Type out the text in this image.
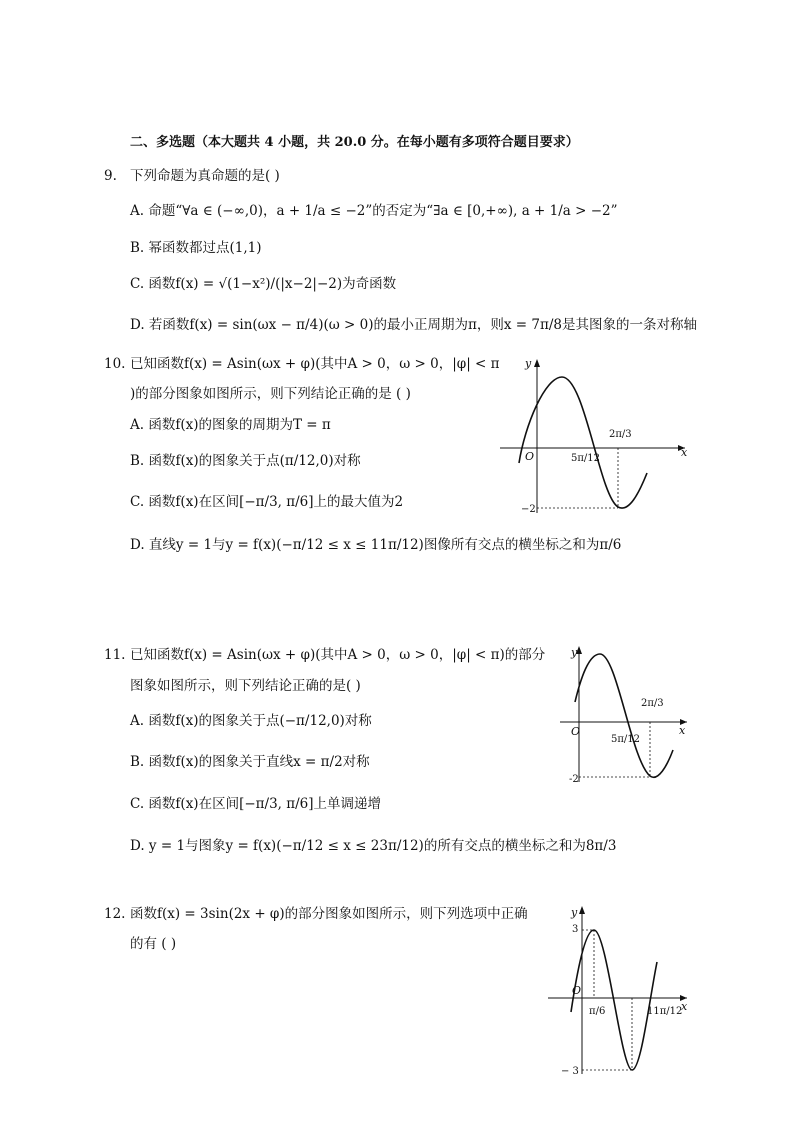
二、多选题（本大题共 4 小题，共 20.0 分。在每小题有多项符合题目要求）
9. 下列命题为真命题的是( )
A. 命题“∀a ∈ (−∞,0)，a + 1/a ≤ −2”的否定为“∃a ∈ [0,+∞), a + 1/a > −2”
B. 幂函数都过点(1,1)
C. 函数f(x) = √(1−x²)/(|x−2|−2)为奇函数
D. 若函数f(x) = sin(ωx − π/4)(ω > 0)的最小正周期为π，则x = 7π/8是其图象的一条对称轴
10. 已知函数f(x) = Asin(ωx + φ)(其中A > 0，ω > 0，|φ| < π
)的部分图象如图所示，则下列结论正确的是 ( )
A. 函数f(x)的图象的周期为T = π
B. 函数f(x)的图象关于点(π/12,0)对称
C. 函数f(x)在区间[−π/3, π/6]上的最大值为2
D. 直线y = 1与y = f(x)(−π/12 ≤ x ≤ 11π/12)图像所有交点的横坐标之和为π/6
y
x
O	5π/12
2π/3
−2
11. 已知函数f(x) = Asin(ωx + φ)(其中A > 0，ω > 0，|φ| < π)的部分
图象如图所示，则下列结论正确的是( )
A. 函数f(x)的图象关于点(−π/12,0)对称
B. 函数f(x)的图象关于直线x = π/2对称
C. 函数f(x)在区间[−π/3, π/6]上单调递增
D. y = 1与图象y = f(x)(−π/12 ≤ x ≤ 23π/12)的所有交点的横坐标之和为8π/3
y
x
O
5π/12
2π/3
-2
12. 函数f(x) = 3sin(2x + φ)的部分图象如图所示，则下列选项中正确
的有 ( )
y
x
3
O
π/6	11π/12
− 3
